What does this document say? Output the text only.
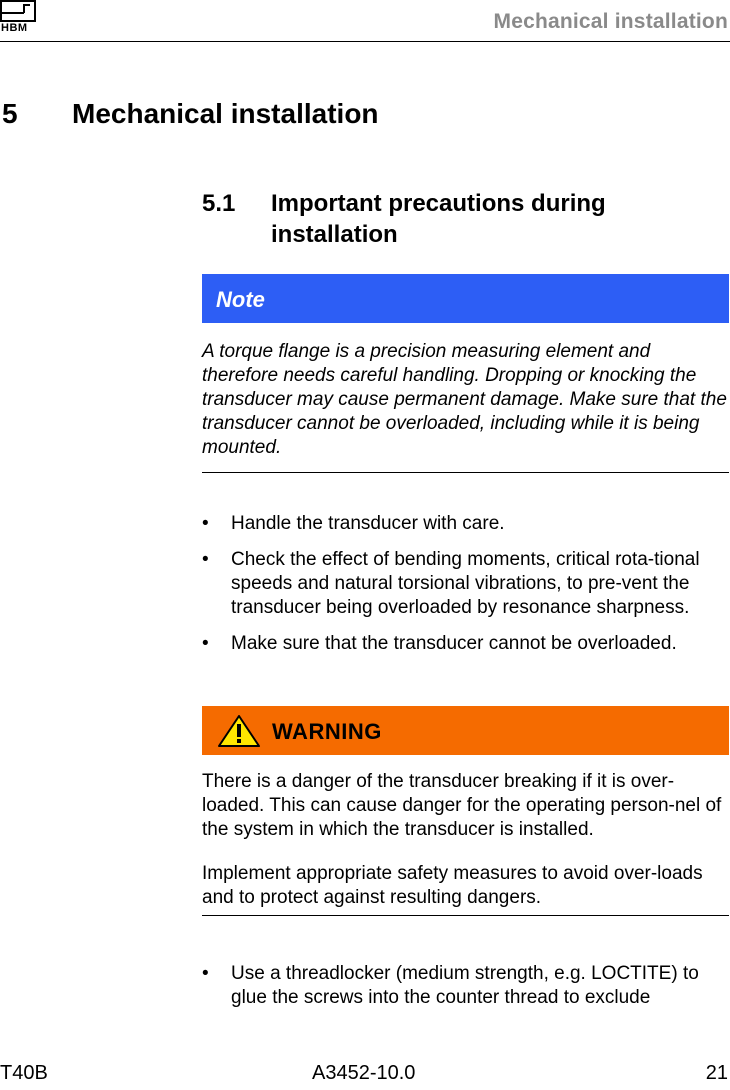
HBM	Mechanical installation
5 Mechanical installation
5.1 Important precautions during installation
Note
A torque flange is a precision measuring element and therefore needs careful handling. Dropping or knocking the transducer may cause permanent damage. Make sure that the transducer cannot be overloaded, including while it is being mounted.
• Handle the transducer with care.
• Check the effect of bending moments, critical rota-tional speeds and natural torsional vibrations, to pre-vent the transducer being overloaded by resonance sharpness.
• Make sure that the transducer cannot be overloaded.
WARNING

There is a danger of the transducer breaking if it is over-loaded. This can cause danger for the operating person-nel of the system in which the transducer is installed.

Implement appropriate safety measures to avoid over-loads and to protect against resulting dangers.

• Use a threadlocker (medium strength, e.g. LOCTITE) to glue the screws into the counter thread to exclude
T40B	A3452-10.0	21
